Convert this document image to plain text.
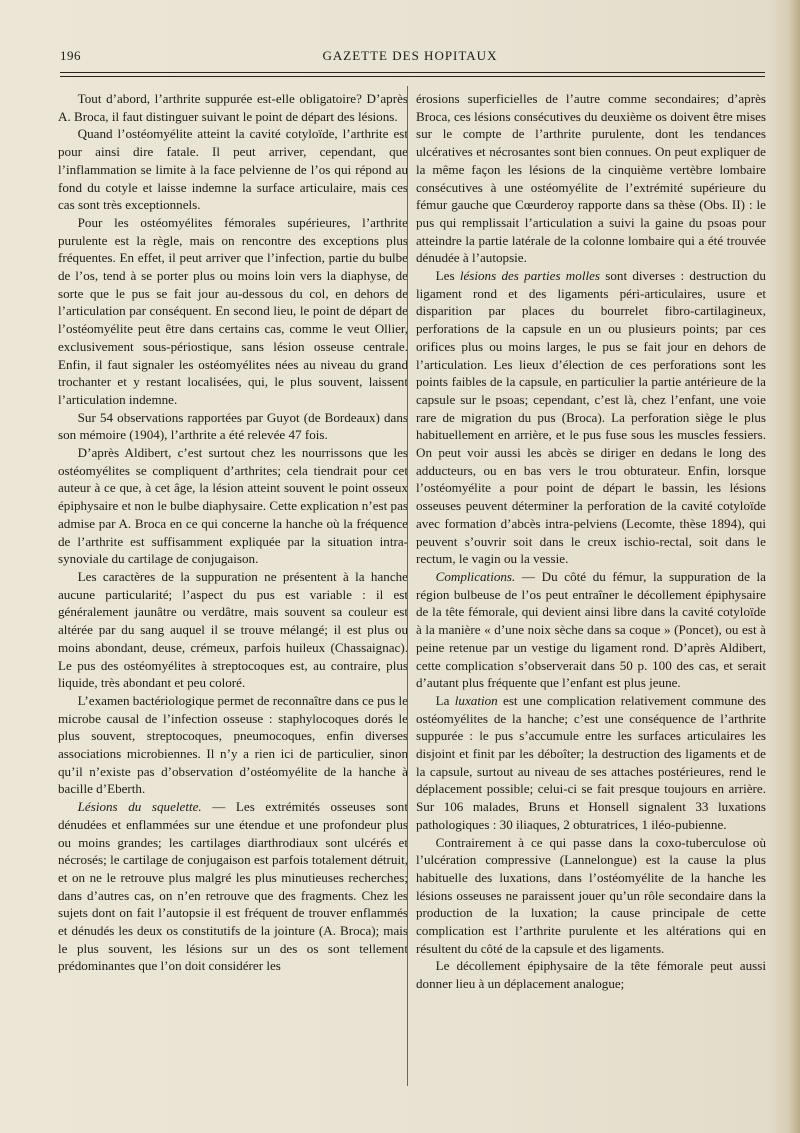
196	GAZETTE DES HOPITAUX

Tout d’abord, l’arthrite suppurée est-elle obligatoire? D’après A. Broca, il faut distinguer suivant le point de départ des lésions.

Quand l’ostéomyélite atteint la cavité cotyloïde, l’arthrite est pour ainsi dire fatale. Il peut arriver, cependant, que l’inflammation se limite à la face pelvienne de l’os qui répond au fond du cotyle et laisse indemne la surface articulaire, mais ces cas sont très exceptionnels.

Pour les ostéomyélites fémorales supérieures, l’arthrite purulente est la règle, mais on rencontre des exceptions plus fréquentes. En effet, il peut arriver que l’infection, partie du bulbe de l’os, tend à se porter plus ou moins loin vers la diaphyse, de sorte que le pus se fait jour au-dessous du col, en dehors de l’articulation par conséquent. En second lieu, le point de départ de l’ostéomyélite peut être dans certains cas, comme le veut Ollier, exclusivement sous-périostique, sans lésion osseuse centrale. Enfin, il faut signaler les ostéomyélites nées au niveau du grand trochanter et y restant localisées, qui, le plus souvent, laissent l’articulation indemne.

Sur 54 observations rapportées par Guyot (de Bordeaux) dans son mémoire (1904), l’arthrite a été relevée 47 fois.

D’après Aldibert, c’est surtout chez les nourrissons que les ostéomyélites se compliquent d’arthrites; cela tiendrait pour cet auteur à ce que, à cet âge, la lésion atteint souvent le point osseux épiphysaire et non le bulbe diaphysaire. Cette explication n’est pas admise par A. Broca en ce qui concerne la hanche où la fréquence de l’arthrite est suffisamment expliquée par la situation intra-synoviale du cartilage de conjugaison.

Les caractères de la suppuration ne présentent à la hanche aucune particularité; l’aspect du pus est variable : il est généralement jaunâtre ou verdâtre, mais souvent sa couleur est altérée par du sang auquel il se trouve mélangé; il est plus ou moins abondant, deuse, crémeux, parfois huileux (Chassaignac). Le pus des ostéomyélites à streptocoques est, au contraire, plus liquide, très abondant et peu coloré.

L’examen bactériologique permet de reconnaître dans ce pus le microbe causal de l’infection osseuse : staphylocoques dorés le plus souvent, streptocoques, pneumocoques, enfin diverses associations microbiennes. Il n’y a rien ici de particulier, sinon qu’il n’existe pas d’observation d’ostéomyélite de la hanche à bacille d’Eberth.

Lésions du squelette. — Les extrémités osseuses sont dénudées et enflammées sur une étendue et une profondeur plus ou moins grandes; les cartilages diarthrodiaux sont ulcérés et nécrosés; le cartilage de conjugaison est parfois totalement détruit, et on ne le retrouve plus malgré les plus minutieuses recherches; dans d’autres cas, on n’en retrouve que des fragments. Chez les sujets dont on fait l’autopsie il est fréquent de trouver enflammés et dénudés les deux os constitutifs de la jointure (A. Broca); mais le plus souvent, les lésions sur un des os sont tellement prédominantes que l’on doit considérer les

érosions superficielles de l’autre comme secondaires; d’après Broca, ces lésions consécutives du deuxième os doivent être mises sur le compte de l’arthrite purulente, dont les tendances ulcératives et nécrosantes sont bien connues. On peut expliquer de la même façon les lésions de la cinquième vertèbre lombaire consécutives à une ostéomyélite de l’extrémité supérieure du fémur gauche que Cœurderoy rapporte dans sa thèse (Obs. II) : le pus qui remplissait l’articulation a suivi la gaine du psoas pour atteindre la partie latérale de la colonne lombaire qui a été trouvée dénudée à l’autopsie.

Les lésions des parties molles sont diverses : destruction du ligament rond et des ligaments péri-articulaires, usure et disparition par places du bourrelet fibro-cartilagineux, perforations de la capsule en un ou plusieurs points; par ces orifices plus ou moins larges, le pus se fait jour en dehors de l’articulation. Les lieux d’élection de ces perforations sont les points faibles de la capsule, en particulier la partie antérieure de la capsule sur le psoas; cependant, c’est là, chez l’enfant, une voie rare de migration du pus (Broca). La perforation siège le plus habituellement en arrière, et le pus fuse sous les muscles fessiers. On peut voir aussi les abcès se diriger en dedans le long des adducteurs, ou en bas vers le trou obturateur. Enfin, lorsque l’ostéomyélite a pour point de départ le bassin, les lésions osseuses peuvent déterminer la perforation de la cavité cotyloïde avec formation d’abcès intra-pelviens (Lecomte, thèse 1894), qui peuvent s’ouvrir soit dans le creux ischio-rectal, soit dans le rectum, le vagin ou la vessie.

Complications. — Du côté du fémur, la suppuration de la région bulbeuse de l’os peut entraîner le décollement épiphysaire de la tête fémorale, qui devient ainsi libre dans la cavité cotyloïde à la manière « d’une noix sèche dans sa coque » (Poncet), ou est à peine retenue par un vestige du ligament rond. D’après Aldibert, cette complication s’observerait dans 50 p. 100 des cas, et serait d’autant plus fréquente que l’enfant est plus jeune.

La luxation est une complication relativement commune des ostéomyélites de la hanche; c’est une conséquence de l’arthrite suppurée : le pus s’accumule entre les surfaces articulaires les disjoint et finit par les déboîter; la destruction des ligaments et de la capsule, surtout au niveau de ses attaches postérieures, rend le déplacement possible; celui-ci se fait presque toujours en arrière. Sur 106 malades, Bruns et Honsell signalent 33 luxations pathologiques : 30 iliaques, 2 obturatrices, 1 iléo-pubienne.

Contrairement à ce qui passe dans la coxo-tuberculose où l’ulcération compressive (Lannelongue) est la cause la plus habituelle des luxations, dans l’ostéomyélite de la hanche les lésions osseuses ne paraissent jouer qu’un rôle secondaire dans la production de la luxation; la cause principale de cette complication est l’arthrite purulente et les altérations qui en résultent du côté de la capsule et des ligaments.

Le décollement épiphysaire de la tête fémorale peut aussi donner lieu à un déplacement analogue;
